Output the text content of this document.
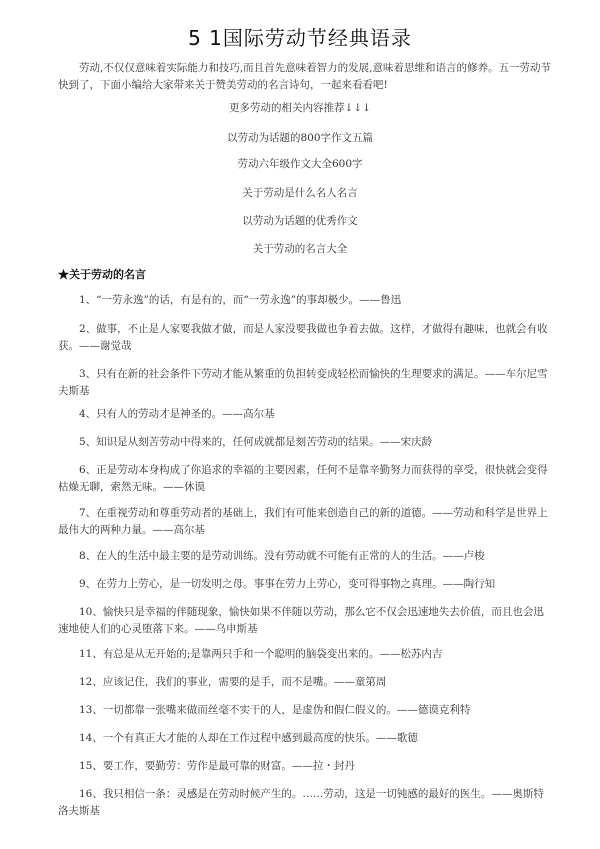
5 1国际劳动节经典语录
劳动,不仅仅意味着实际能力和技巧,而且首先意味着智力的发展,意味着思维和语言的修养。五一劳动节快到了，下面小编给大家带来关于赞美劳动的名言诗句，一起来看看吧!
更多劳动的相关内容推荐↓↓↓
以劳动为话题的800字作文五篇
劳动六年级作文大全600字
关于劳动是什么名人名言
以劳动为话题的优秀作文
关于劳动的名言大全
★关于劳动的名言
1、“一劳永逸”的话，有是有的，而“一劳永逸”的事却极少。——鲁迅
2、做事，不止是人家要我做才做，而是人家没要我做也争着去做。这样，才做得有趣味，也就会有收获。——谢觉哉
3、只有在新的社会条件下劳动才能从繁重的负担转变成轻松而愉快的生理要求的满足。——车尔尼雪夫斯基
4、只有人的劳动才是神圣的。——高尔基
5、知识是从刻苦劳动中得来的，任何成就都是刻苦劳动的结果。——宋庆龄
6、正是劳动本身构成了你追求的幸福的主要因素，任何不是靠辛勤努力而获得的享受，很快就会变得枯燥无聊，索然无味。——休谟
7、在重视劳动和尊重劳动者的基础上，我们有可能来创造自己的新的道德。——劳动和科学是世界上最伟大的两种力量。——高尔基
8、在人的生活中最主要的是劳动训练。没有劳动就不可能有正常的人的生活。——卢梭
9、在劳力上劳心，是一切发明之母。事事在劳力上劳心，变可得事物之真理。——陶行知
10、愉快只是幸福的伴随现象，愉快如果不伴随以劳动，那么它不仅会迅速地失去价值，而且也会迅速地使人们的心灵堕落下来。——乌申斯基
11、有总是从无开始的;是靠两只手和一个聪明的脑袋变出来的。——松苏内吉
12、应该记住，我们的事业，需要的是手，而不是嘴。——童第周
13、一切都靠一张嘴来做而丝毫不实干的人，是虚伪和假仁假义的。——德谟克利特
14、一个有真正大才能的人却在工作过程中感到最高度的快乐。——歌德
15、要工作，要勤劳：劳作是最可靠的财富。——拉・封丹
16、我只相信一条：灵感是在劳动时候产生的。……劳动，这是一切钝感的最好的医生。——奥斯特洛夫斯基
